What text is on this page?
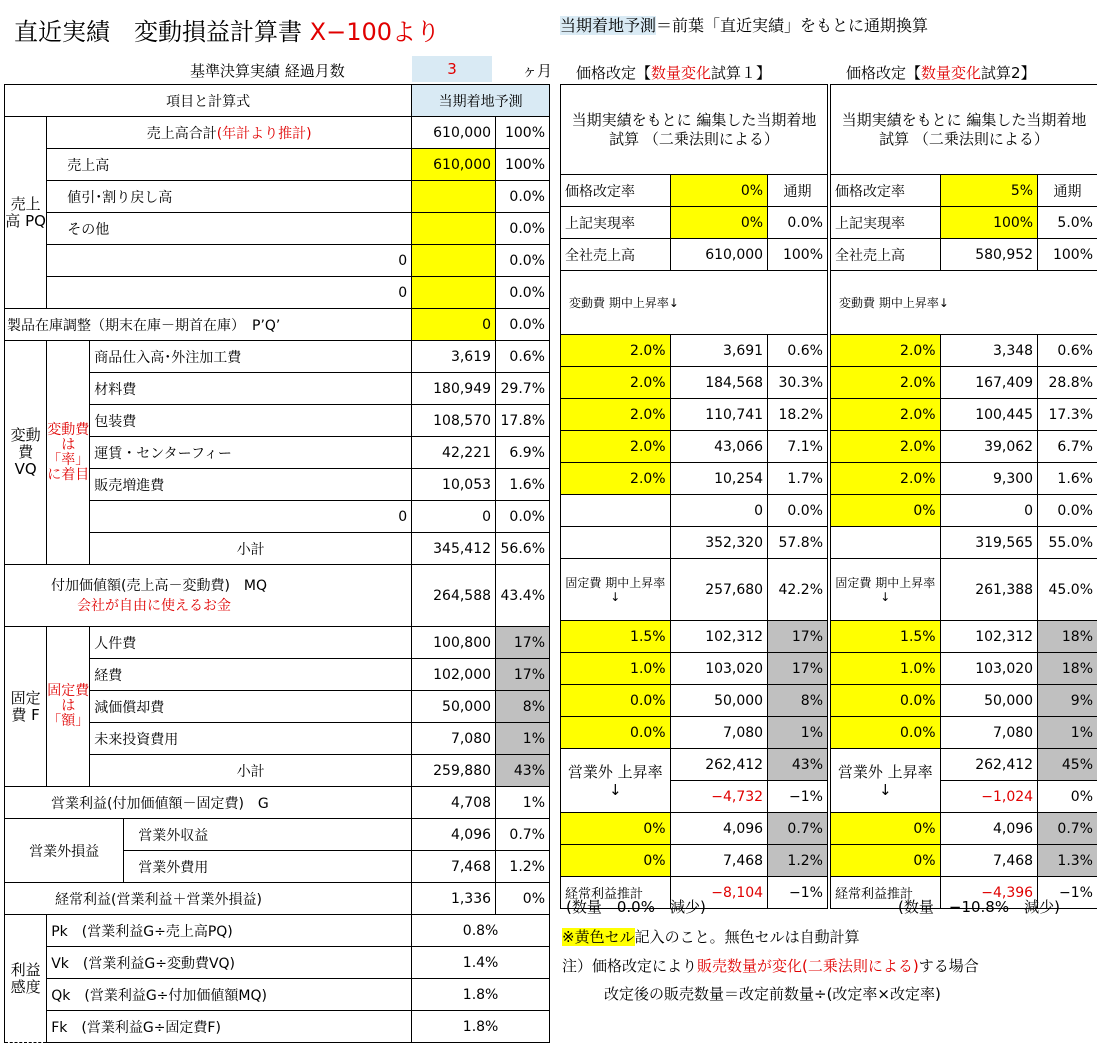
直近実績　変動損益計算書 X−100より	当期着地予測＝前葉「直近実績」をもとに通期換算
基準決算実績 経過月数	3	ヶ月 価格改定【数量変化試算１】	価格改定【数量変化試算2】
項目と計算式				当期着地予測	
売上高 PQ	売上高合計(年計より推計)			610,000	100%
	売上高			610,000	100%
	値引･割り戻し高				0.0%
	その他				0.0%
	0				0.0%
	0				0.0%
製品在庫調整（期末在庫－期首在庫）　P’Q’				0	0.0%
変動費 VQ	変動費は「率」に着目	商品仕入高･外注加工費		3,619	0.6%
		材料費		180,949	29.7%
		包装費		108,570	17.8%
		運賃・センターフィー		42,221	6.9%
		販売増進費		10,053	1.6%
		0		0	0.0%
		小計		345,412	56.6%
付加価値額(売上高－変動費)　MQ
会社が自由に使えるお金				264,588	43.4%
固定費 F	固定費は「額」	人件費		100,800	17%
		経費		102,000	17%
		減価償却費		50,000	8%
		未来投資費用		7,080	1%
		小計		259,880	43%
営業利益(付加価値額－固定費)　G				4,708	1%
営業外損益			営業外収益	4,096	0.7%
			営業外費用	7,468	1.2%
経常利益(営業利益＋営業外損益)				1,336	0%
利益感度	Pk　 (営業利益G÷売上高PQ)			0.8%	
	Vk　 (営業利益G÷変動費VQ)			1.4%	
	Qk　 (営業利益G÷付加価値額MQ)			1.8%	
	Fk　 (営業利益G÷固定費F)			1.8%	
当期実績をもとに 編集した当期着地試算 （二乗法則による）		

価格改定率	0%	通期
上記実現率	0%	0.0%
全社売上高	610,000	100%
変動費 期中上昇率↓		
2.0%	3,691	0.6%
2.0%	184,568	30.3%
2.0%	110,741	18.2%
2.0%	43,066	7.1%
2.0%	10,254	1.7%
	0	0.0%
	352,320	57.8%
固定費 期中上昇率↓	257,680	42.2%
1.5%	102,312	17%
1.0%	103,020	17%
0.0%	50,000	8%
0.0%	7,080	1%
営業外 上昇率↓	262,412	43%
	−4,732	−1%
0%	4,096	0.7%
0%	7,468	1.2%
経常利益推計	−8,104	−1%
当期実績をもとに 編集した当期着地試算 （二乗法則による）		

価格改定率	5%	通期
上記実現率	100%	5.0%
全社売上高	580,952	100%
変動費 期中上昇率↓		
2.0%	3,348	0.6%
2.0%	167,409	28.8%
2.0%	100,445	17.3%
2.0%	39,062	6.7%
2.0%	9,300	1.6%
0%	0	0.0%
	319,565	55.0%
固定費 期中上昇率↓	261,388	45.0%
1.5%	102,312	18%
1.0%	103,020	18%
0.0%	50,000	9%
0.0%	7,080	1%
営業外 上昇率↓	262,412	45%
	−1,024	0%
0%	4,096	0.7%
0%	7,468	1.3%
経常利益推計	−4,396	−1%
(数量　 0.0%　 減少)	(数量　 −10.8%　 減少)
※黄色セル記入のこと。無色セルは自動計算
注）価格改定により販売数量が変化(二乗法則による)する場合
改定後の販売数量＝改定前数量÷(改定率×改定率)
